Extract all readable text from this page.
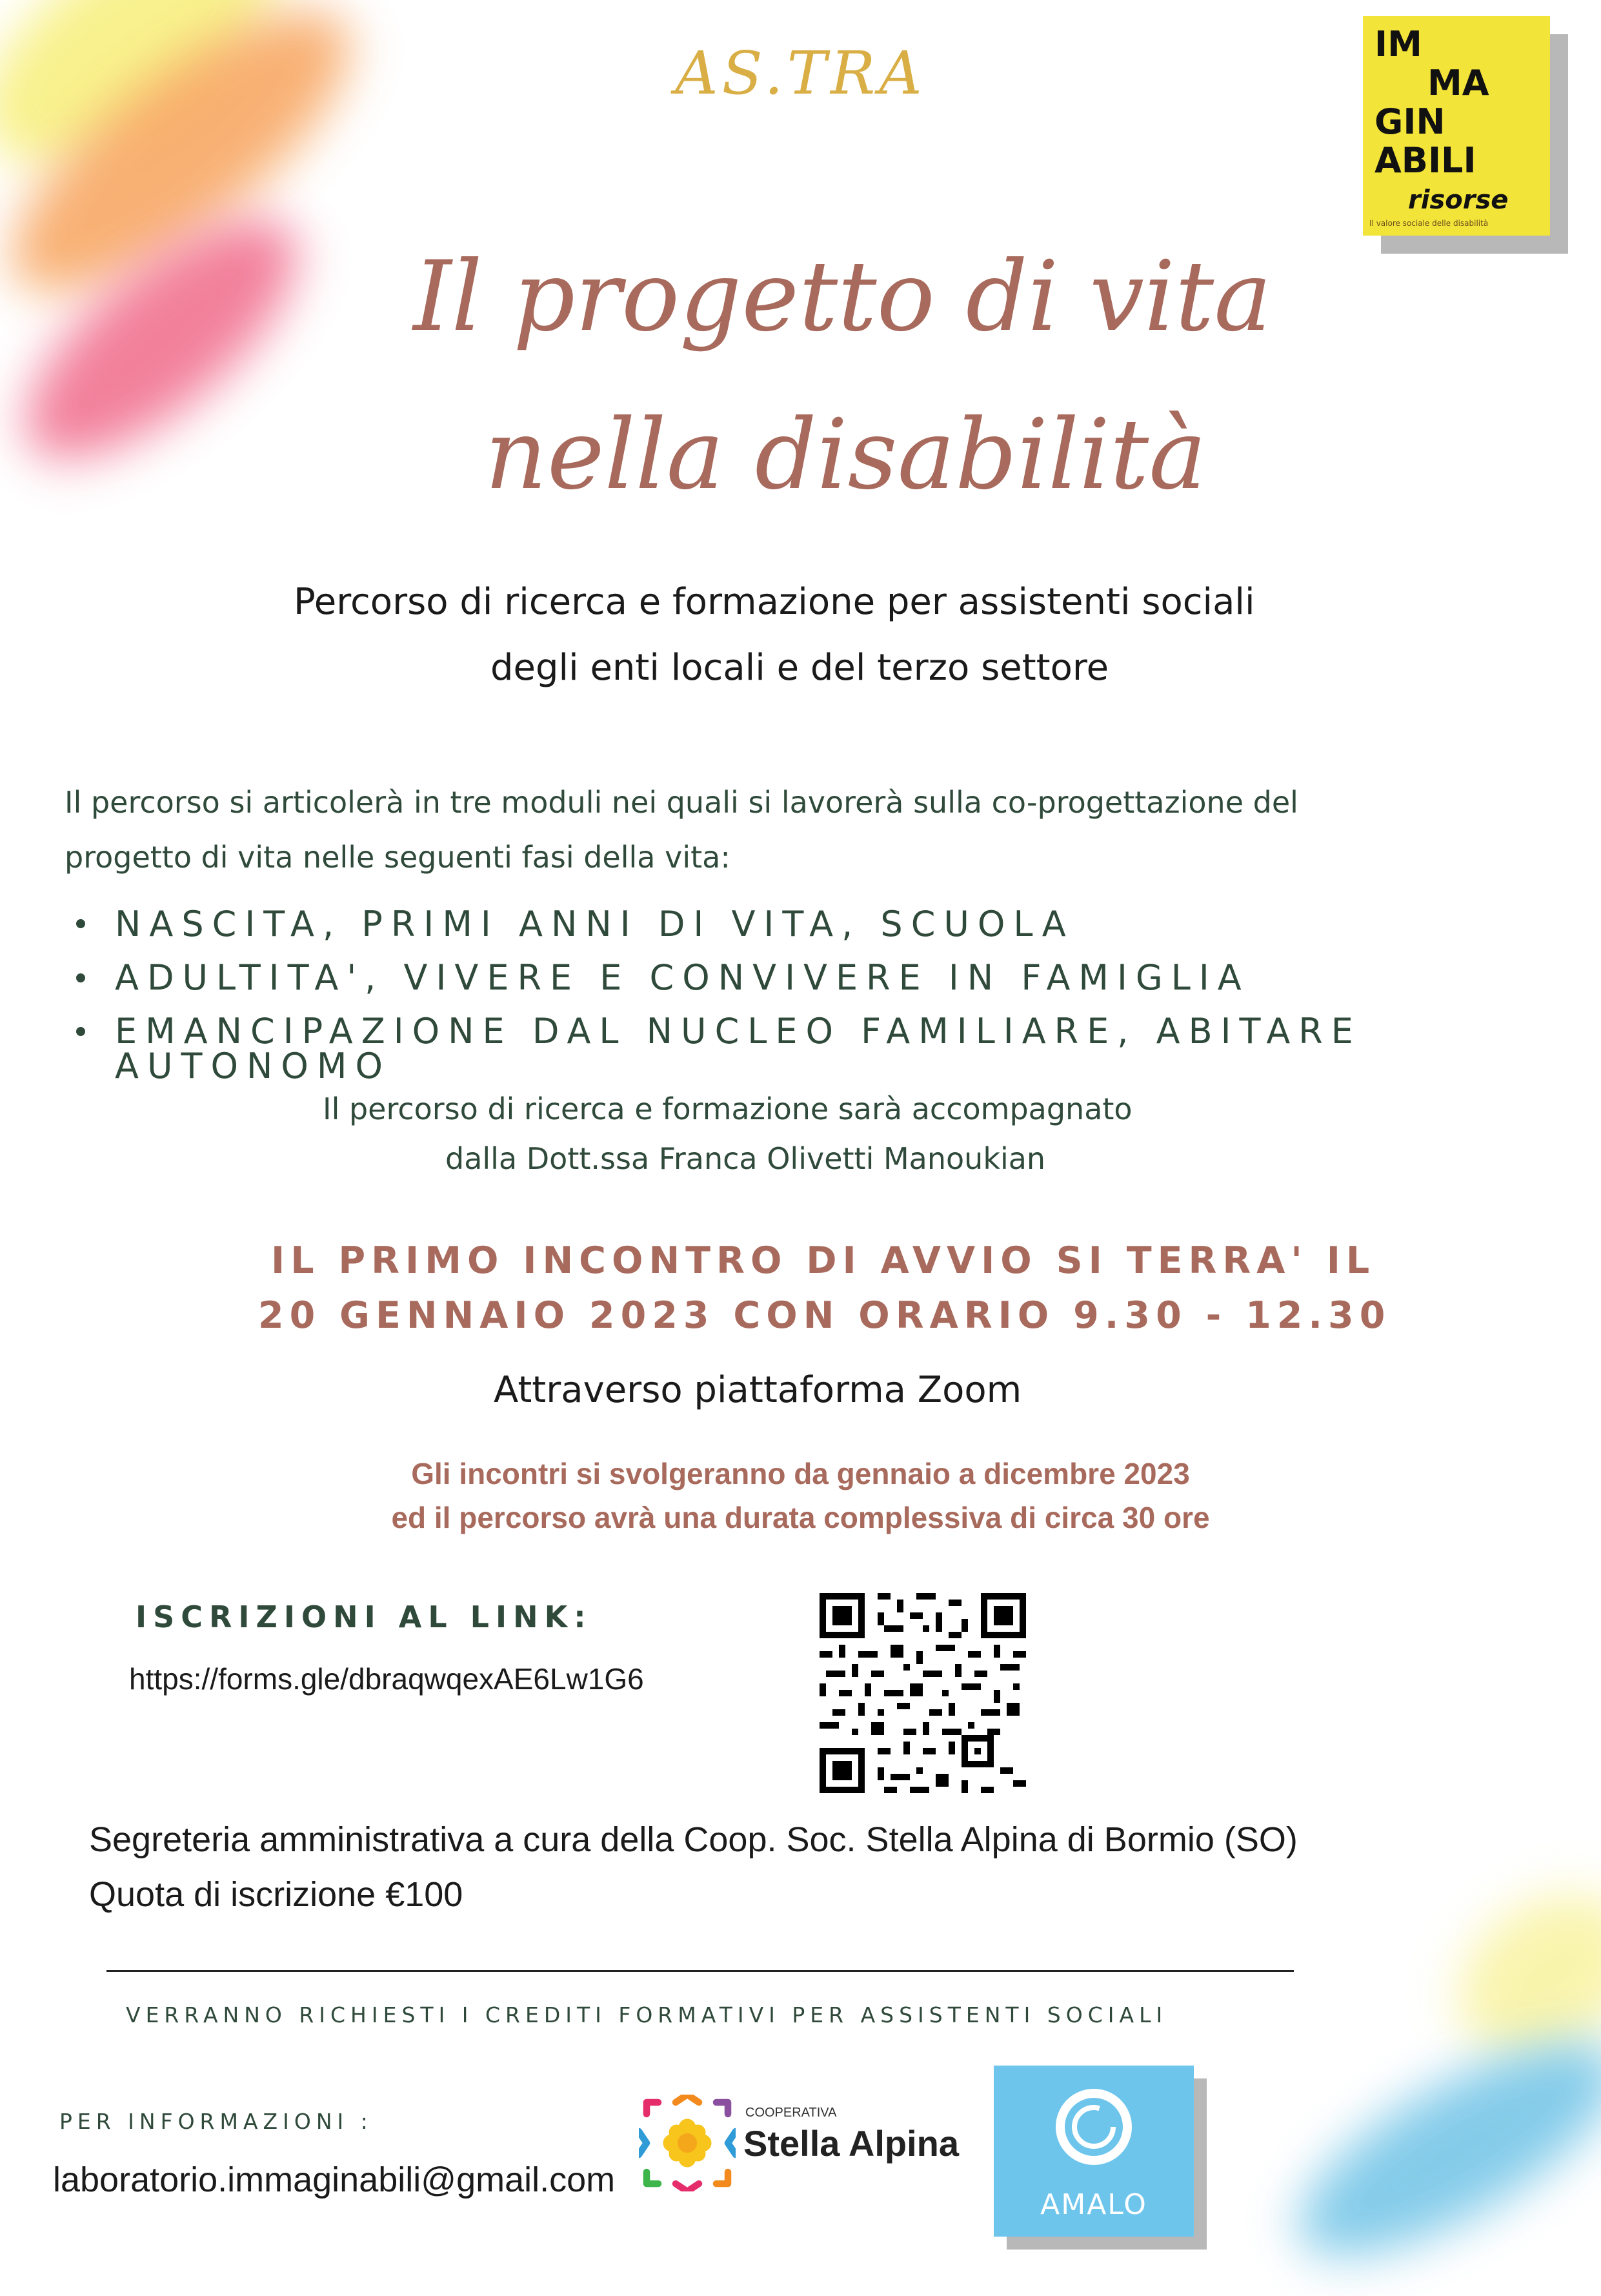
AS.TRA	IM
MA
GIN
ABILI
risorse
Il valore sociale delle disabilità
Il progetto di vita
nella disabilità
Percorso di ricerca e formazione per assistenti sociali
degli enti locali e del terzo settore
Il percorso si articolerà in tre moduli nei quali si lavorerà sulla co-progettazione del
progetto di vita nelle seguenti fasi della vita:
NASCITA, PRIMI ANNI DI VITA, SCUOLA
ADULTITA', VIVERE E CONVIVERE IN FAMIGLIA
EMANCIPAZIONE DAL NUCLEO FAMILIARE, ABITARE AUTONOMO
Il percorso di ricerca e formazione sarà accompagnato
dalla Dott.ssa Franca Olivetti Manoukian
IL PRIMO INCONTRO DI AVVIO SI TERRA' IL
20 GENNAIO 2023 CON ORARIO 9.30 - 12.30
Attraverso piattaforma Zoom
Gli incontri si svolgeranno da gennaio a dicembre 2023
ed il percorso avrà una durata complessiva di circa 30 ore
ISCRIZIONI AL LINK:
https://forms.gle/dbraqwqexAE6Lw1G6
Segreteria amministrativa a cura della Coop. Soc. Stella Alpina di Bormio (SO)
Quota di iscrizione €100
VERRANNO RICHIESTI I CREDITI FORMATIVI PER ASSISTENTI SOCIALI
PER INFORMAZIONI :
laboratorio.immaginabili@gmail.com
COOPERATIVA
Stella Alpina
AMALO
